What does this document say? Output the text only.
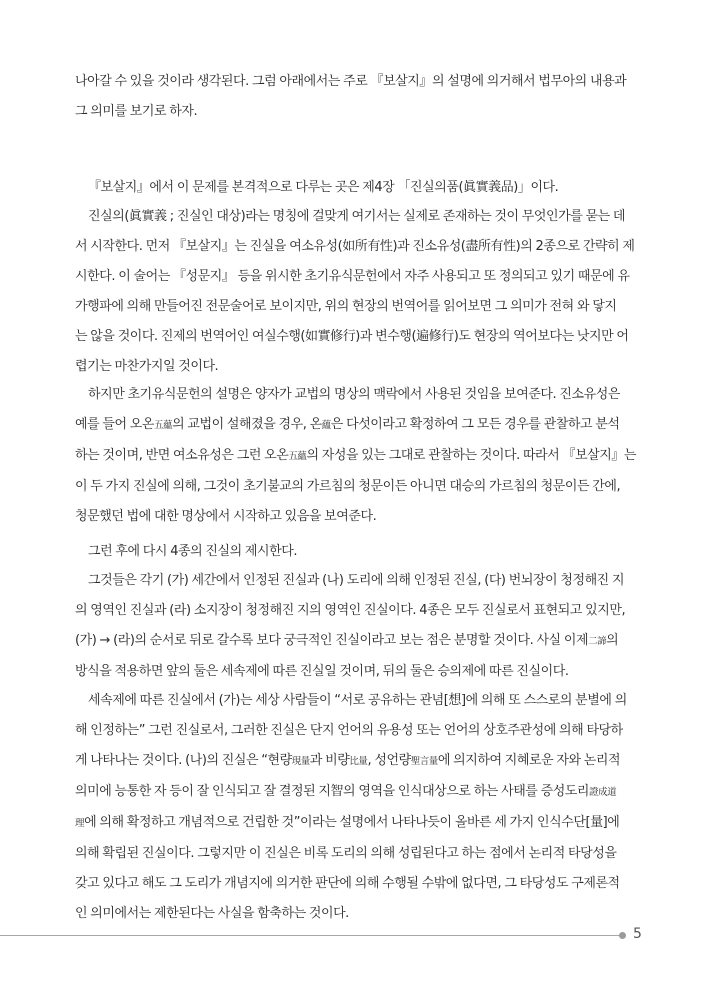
나아갈 수 있을 것이라 생각된다. 그럼 아래에서는 주로 『보살지』의 설명에 의거해서 법무아의 내용과
그 의미를 보기로 하자.
『보살지』에서 이 문제를 본격적으로 다루는 곳은 제4장 「진실의품(眞實義品)」이다.
진실의(眞實義 ; 진실인 대상)라는 명칭에 걸맞게 여기서는 실제로 존재하는 것이 무엇인가를 묻는 데
서 시작한다. 먼저 『보살지』는 진실을 여소유성(如所有性)과 진소유성(盡所有性)의 2종으로 간략히 제
시한다. 이 술어는 『성문지』 등을 위시한 초기유식문헌에서 자주 사용되고 또 정의되고 있기 때문에 유
가행파에 의해 만들어진 전문술어로 보이지만, 위의 현장의 번역어를 읽어보면 그 의미가 전혀 와 닿지
는 않을 것이다. 진제의 번역어인 여실수행(如實修行)과 변수행(遍修行)도 현장의 역어보다는 낫지만 어
렵기는 마찬가지일 것이다.
하지만 초기유식문헌의 설명은 양자가 교법의 명상의 맥락에서 사용된 것임을 보여준다. 진소유성은
예를 들어 오온五蘊의 교법이 설해졌을 경우, 온蘊은 다섯이라고 확정하여 그 모든 경우를 관찰하고 분석
하는 것이며, 반면 여소유성은 그런 오온五蘊의 자성을 있는 그대로 관찰하는 것이다. 따라서 『보살지』는
이 두 가지 진실에 의해, 그것이 초기불교의 가르침의 청문이든 아니면 대승의 가르침의 청문이든 간에,
청문했던 법에 대한 명상에서 시작하고 있음을 보여준다.
그런 후에 다시 4종의 진실의 제시한다.
그것들은 각기 (가) 세간에서 인정된 진실과 (나) 도리에 의해 인정된 진실, (다) 번뇌장이 청정해진 지
의 영역인 진실과 (라) 소지장이 청정해진 지의 영역인 진실이다. 4종은 모두 진실로서 표현되고 있지만,
(가) → (라)의 순서로 뒤로 갈수록 보다 궁극적인 진실이라고 보는 점은 분명할 것이다. 사실 이제二諦의
방식을 적용하면 앞의 둘은 세속제에 따른 진실일 것이며, 뒤의 둘은 승의제에 따른 진실이다.
세속제에 따른 진실에서 (가)는 세상 사람들이 “서로 공유하는 관념[想]에 의해 또 스스로의 분별에 의
해 인정하는” 그런 진실로서, 그러한 진실은 단지 언어의 유용성 또는 언어의 상호주관성에 의해 타당하
게 나타나는 것이다. (나)의 진실은 “현량現量과 비량比量, 성언량聖言量에 의지하여 지혜로운 자와 논리적
의미에 능통한 자 등이 잘 인식되고 잘 결정된 지智의 영역을 인식대상으로 하는 사태를 증성도리證成道
理에 의해 확정하고 개념적으로 건립한 것”이라는 설명에서 나타나듯이 올바른 세 가지 인식수단[量]에
의해 확립된 진실이다. 그렇지만 이 진실은 비록 도리의 의해 성립된다고 하는 점에서 논리적 타당성을
갖고 있다고 해도 그 도리가 개념지에 의거한 판단에 의해 수행될 수밖에 없다면, 그 타당성도 구제론적
인 의미에서는 제한된다는 사실을 함축하는 것이다.
5
